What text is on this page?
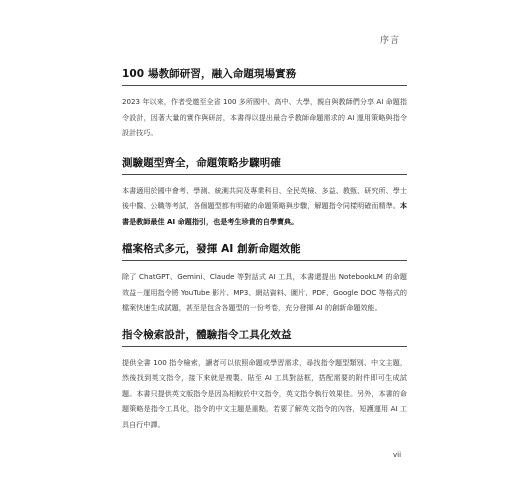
序言
100 場教師研習，融入命題現場實務

2023 年以來，作者受邀至全省 100 多所國中、高中、大學，親自與教師們分享 AI 命題指令設計，因著大量的實作與研討，本書得以提出最合乎教師命題需求的 AI 運用策略與指令設計技巧。

測驗題型齊全，命題策略步驟明確

本書適用於國中會考、學測、統測共同及專業科目、全民英檢、多益、教甄、研究所、學士後中醫、公職等考試，各個題型都有明確的命題策略與步驟，解題指令同樣明確而精準。本書是教師最佳 AI 命題指引，也是考生珍貴的自學寶典。

檔案格式多元，發揮 AI 創新命題效能

除了 ChatGPT、Gemini、Claude 等對話式 AI 工具，本書還提出 NotebookLM 的命題效益－運用指令將 YouTube 影片、MP3、網站資料、圖片、PDF、Google DOC 等格式的檔案快速生成試題，甚至是包含各題型的一份考卷，充分發揮 AI 的創新命題效能。

指令檢索設計，體驗指令工具化效益

提供全書 100 指令檢索，讀者可以依照命題或學習需求，尋找指令題型類別、中文主題，然後找到英文指令，接下來就是複製、貼至 AI 工具對話框，搭配需要的附件即可生成試題。本書只提供英文版指令是因為相較於中文指令，英文指令執行效果佳。另外，本書的命題策略是指令工具化，指令的中文主題是重點，若要了解英文指令的內容，短護運用 AI 工具自行中譯。

vii
